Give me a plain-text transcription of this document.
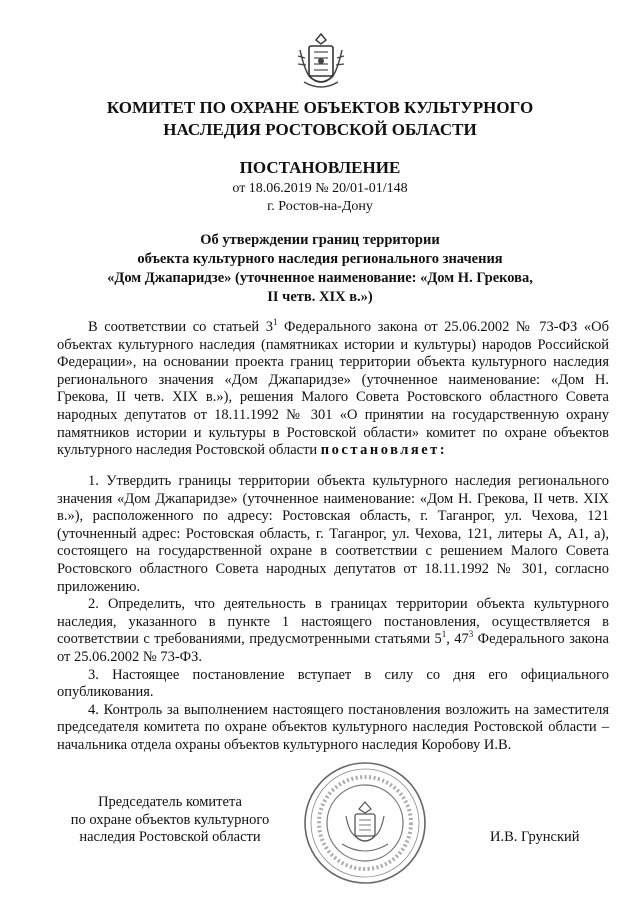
КОМИТЕТ ПО ОХРАНЕ ОБЪЕКТОВ КУЛЬТУРНОГО
НАСЛЕДИЯ РОСТОВСКОЙ ОБЛАСТИ
ПОСТАНОВЛЕНИЕ
от 18.06.2019 № 20/01-01/148
г. Ростов-на-Дону
Об утверждении границ территории
объекта культурного наследия регионального значения
«Дом Джапаридзе» (уточненное наименование: «Дом Н. Грекова,
II четв. XIX в.»)

В соответствии со статьей $3^1$ Федерального закона от 25.06.2002 № 73-ФЗ «Об объектах культурного наследия (памятниках истории и культуры) народов Российской Федерации», на основании проекта границ территории объекта культурного наследия регионального значения «Дом Джапаридзе» (уточненное наименование: «Дом Н. Грекова, II четв. XIX в.»), решения Малого Совета Ростовского областного Совета народных депутатов от 18.11.1992 № 301 «О принятии на государственную охрану памятников истории и культуры в Ростовской области» комитет по охране объектов культурного наследия Ростовской области постановляет:

1. Утвердить границы территории объекта культурного наследия регионального значения «Дом Джапаридзе» (уточненное наименование: «Дом Н. Грекова, II четв. XIX в.»), расположенного по адресу: Ростовская область, г. Таганрог, ул. Чехова, 121 (уточненный адрес: Ростовская область, г. Таганрог, ул. Чехова, 121, литеры А, А1, а), состоящего на государственной охране в соответствии с решением Малого Совета Ростовского областного Совета народных депутатов от 18.11.1992 № 301, согласно приложению.

2. Определить, что деятельность в границах территории объекта культурного наследия, указанного в пункте 1 настоящего постановления, осуществляется в соответствии с требованиями, предусмотренными статьями $5^1$, $47^3$ Федерального закона от 25.06.2002 № 73-ФЗ.

3. Настоящее постановление вступает в силу со дня его официального опубликования.

4. Контроль за выполнением настоящего постановления возложить на заместителя председателя комитета по охране объектов культурного наследия Ростовской области – начальника отдела охраны объектов культурного наследия Коробову И.В.

Председатель комитета
по охране объектов культурного
наследия Ростовской области	И.В. Грунский
